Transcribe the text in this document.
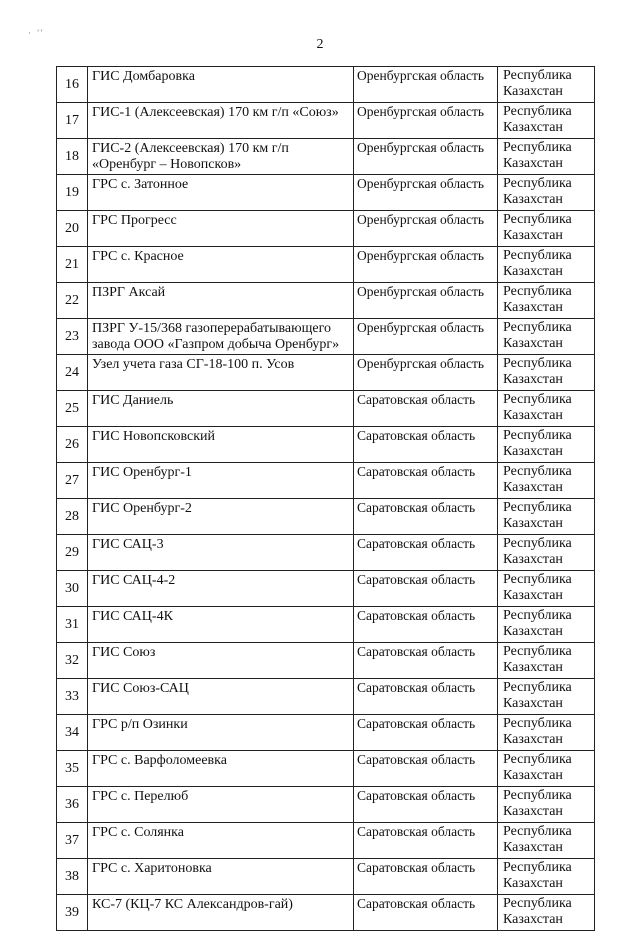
· ''
2
16	ГИС Домбаровка	Оренбургская область	Республика
Казахстан

17	ГИС-1 (Алексеевская) 170 км г/п «Союз»	Оренбургская область	Республика
Казахстан

18	ГИС-2 (Алексеевская) 170 км г/п «Оренбург – Новопсков»	Оренбургская область	Республика
Казахстан

19	ГРС с. Затонное	Оренбургская область	Республика
Казахстан

20	ГРС Прогресс	Оренбургская область	Республика
Казахстан

21	ГРС с. Красное	Оренбургская область	Республика
Казахстан

22	ПЗРГ Аксай	Оренбургская область	Республика
Казахстан

23	ПЗРГ У-15/368 газоперерабатывающего завода ООО «Газпром добыча Оренбург»	Оренбургская область	Республика
Казахстан

24	Узел учета газа СГ-18-100 п. Усов	Оренбургская область	Республика
Казахстан

25	ГИС Даниель	Саратовская область	Республика
Казахстан

26	ГИС Новопсковский	Саратовская область	Республика
Казахстан

27	ГИС Оренбург-1	Саратовская область	Республика
Казахстан

28	ГИС Оренбург-2	Саратовская область	Республика
Казахстан

29	ГИС САЦ-3	Саратовская область	Республика
Казахстан

30	ГИС САЦ-4-2	Саратовская область	Республика
Казахстан

31	ГИС САЦ-4К	Саратовская область	Республика
Казахстан

32	ГИС Союз	Саратовская область	Республика
Казахстан

33	ГИС Союз-САЦ	Саратовская область	Республика
Казахстан

34	ГРС р/п Озинки	Саратовская область	Республика
Казахстан

35	ГРС с. Варфоломеевка	Саратовская область	Республика
Казахстан

36	ГРС с. Перелюб	Саратовская область	Республика
Казахстан

37	ГРС с. Солянка	Саратовская область	Республика
Казахстан

38	ГРС с. Харитоновка	Саратовская область	Республика
Казахстан

39	КС-7 (КЦ-7 КС Александров-гай)	Саратовская область	Республика
Казахстан
